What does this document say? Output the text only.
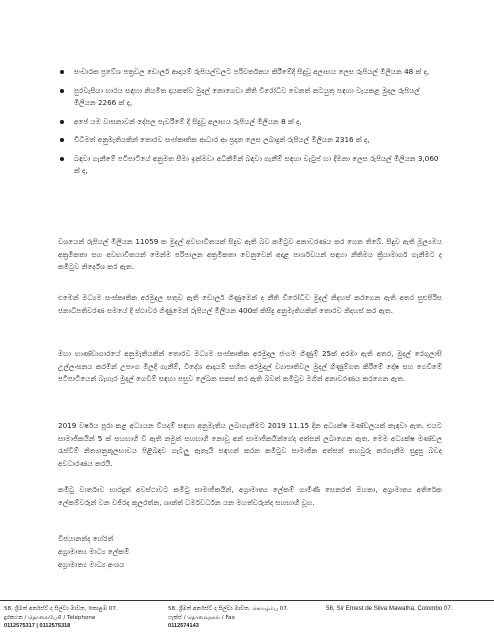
සංචාරක ප්‍රවේශ පත්‍රවල ඩොලර් ආදායම් රුපියල්වලට පරිවර්තනය කිරීමේදී සිදුවූ අලාභය ලෙස රුපියල් මිලියන 48 ක් ද,
පුරවැසියා භාරය සඳහා නියමිත දායකත්ව මුදල් නොගෙවා නීති විරෝධීව වෙනත් කටයුතු සඳහා වැයකළ මුදල රුපියල් මිලියන 2266 ක් ද,
අපේ යම වාසනාවන් දේපල පැවරීමේ දී සිදුවූ අලාභය රුපියල් මිලියන 8 ක් ද,
විධිමත් අනුමැතියකින් තොරව සංස්කෘතික ආධාර ආ ප්‍රදාන ලෙස ලබාදුන් රුපියල් මිලියන 2316 ක් ද,
බඳවා ගැනීමේ පටිපාටියේ අනුමත සීමා ඉක්මවා අධිකීමින් බඳවා ගැනීම් සඳහා වැටුප් හා දීමනා ලෙස රුපියල් මිලියන 3,060 ක් ද,

වශයෙන් රුපියල් මිලියන 11059 ක මුදල් අවභාවිතයක් සිදුව ඇති බව කමිටුව අනාවරණය කර ගෙන තිබේ. සිදුව ඇති මූල්‍යමය අක්‍රමිකතා සහ අවභාවිතයන් මෙන්ම පරිපාලන අක්‍රමිකතා වෙනුවෙන් අදාළ පාර්ශවයන් සඳහා නීතිමය ක්‍රියාමාර්ග ගැනීමට ද කමිටුව නිර්දේශ කර ඇත.

එමෙන් මධ්‍යම සංස්කෘතික අරමුදල සතුව ඇති ඩොලර් ගිණුමෙන් ද නීති විරෝධීව මුදල් නිදහස් කරගෙන ඇති අතර සුළුපිරිස ජනාධිපතිවරණ සමයේ දී ස්ථාවර ගිණුමෙන් රුපියල් මිලියන 400ක් කිසිදු අනුමැතියකින් තොරව නිදහස් කර ඇත.

මහා භාණ්ඩාගාරයේ අනුමැතියකින් තොරව මධ්‍යම සංස්කෘතික අරමුදල ජංගම ගිණුම් 25ක් අරඹා ඇති අතර, මුදල් රෙගුලාසි උල්ලංඝනය කරමින් උපාංග මිලදී ගැනීම්, විදේශ ආදායම් සහිත අරමුදල් ව්‍යාපෘතිවල මුදල් ගිණුම්ගත කිරීමේ දෝෂ සහ ගෙවීමේ පටිපාටියෙන් බැහැර මුදල් ගෙවීම් සඳහා පසුව ලේඛන සකස් කර ඇති බවත් කමිටුව මගින් අනාවරණය කරගෙන ඇත.

2019 වර්ෂය පූරා කළ අධ්‍යයන වියදම් සඳහා අනුමැතිය ලබාගැනීමට 2019 11.15 දින අධ්‍යක්ෂ මණ්ඩලයක් කැඳවා ඇත. එයට සාමාජිකයින් 5 ක් සහභාගී වී ඇති නමුත් සහභාගී නොවූ අන් සාමාජිකයින්ගේද අත්සන් ලබාගෙන ඇත. මෙම අධ්‍යක්ෂ මණ්ඩල රැස්වීම් නිත්‍යානුකූලභාවය පිළිබඳව ගැටලු ඇතැයි සඳහන් කරන කමිටුව සාමාජික අත්සන් තහවුරු කරගැනීම සුදුසු බවද අවධාරණය කරයි.

කමිටු වාර්තාව භාරදුන් අවස්ථාවට කමිටු සාමාජිකයින්, අග්‍රාමාත්‍ය ලේකම් ගාමිණී සෙනරත් මහතා, අග්‍රාමාත්‍ය අතිරේක ලේකම්වරුන් වන වජිරද කුලරත්න, ශාන්ත් ධර්මවර්ධන යන මහත්වරුන්ද සහභාගී වූහ.

විජයානන්ද හේරත්
අග්‍රාමාත්‍ය මාධ්‍ය ලේකම්
අග්‍රාමාත්‍ය මාධ්‍ය අංශය
58, ශ්‍රීමත් අර්නස්ට් ද සිල්වා මාවත, කොළඹ 07.
දුරකථන / தொலைபேசி / Telephone
0112575317 | 0112575318
58, ශ්‍රීමත් අර්නස්ට් ද සිල්වා මාවත, கொழும்பு 07.
ෆැක්ස් / தொலைநகல் / Fax
0112574143
58, Sir Ernest de Silva Mawatha, Colombo 07.
